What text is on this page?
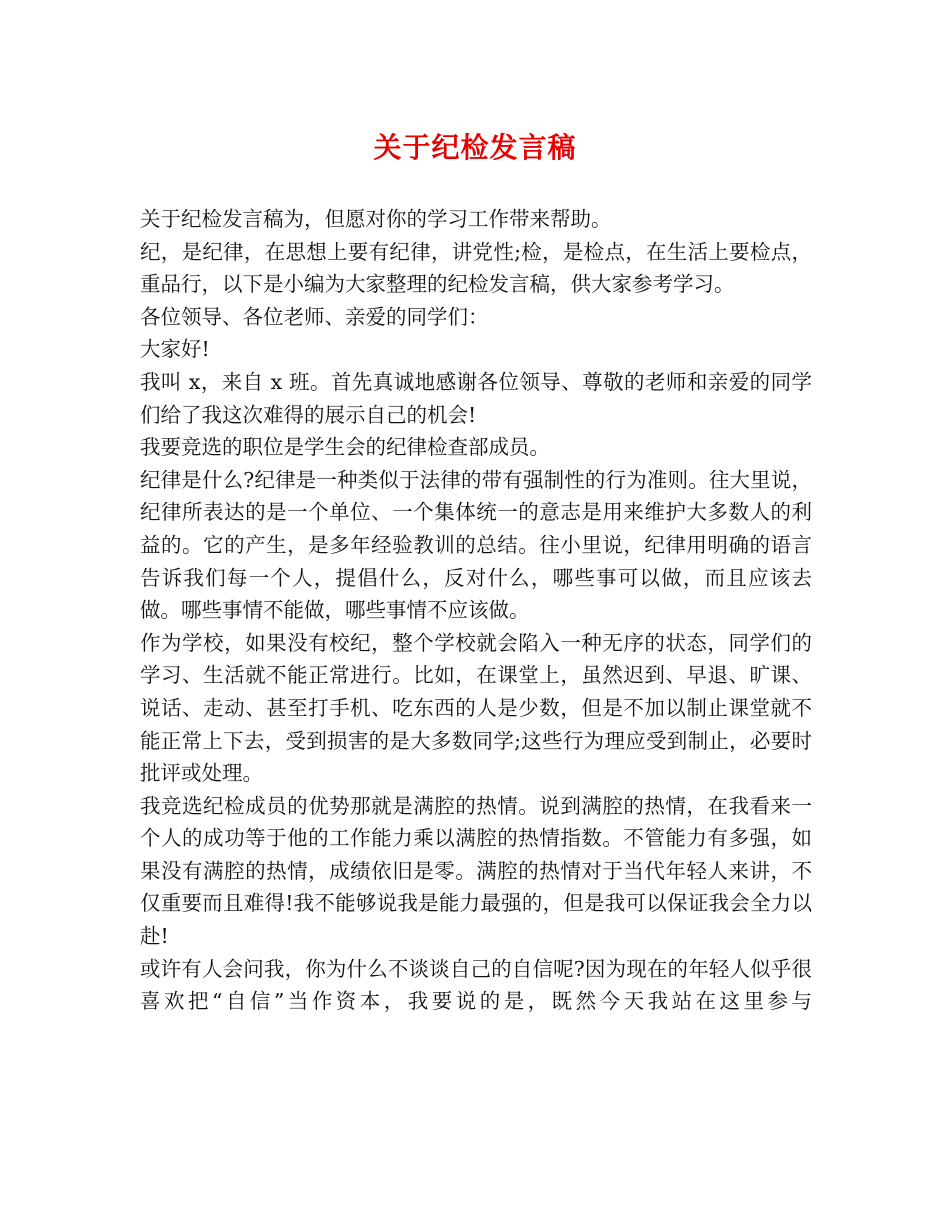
关于纪检发言稿

关于纪检发言稿为，但愿对你的学习工作带来帮助。

纪，是纪律，在思想上要有纪律，讲党性;检，是检点，在生活上要检点，重品行，以下是小编为大家整理的纪检发言稿，供大家参考学习。

各位领导、各位老师、亲爱的同学们：

大家好!

我叫 x，来自 x 班。首先真诚地感谢各位领导、尊敬的老师和亲爱的同学们给了我这次难得的展示自己的机会!

我要竞选的职位是学生会的纪律检查部成员。

纪律是什么?纪律是一种类似于法律的带有强制性的行为准则。往大里说，纪律所表达的是一个单位、一个集体统一的意志是用来维护大多数人的利益的。它的产生，是多年经验教训的总结。往小里说，纪律用明确的语言告诉我们每一个人，提倡什么，反对什么，哪些事可以做，而且应该去做。哪些事情不能做，哪些事情不应该做。

作为学校，如果没有校纪，整个学校就会陷入一种无序的状态，同学们的学习、生活就不能正常进行。比如，在课堂上，虽然迟到、早退、旷课、说话、走动、甚至打手机、吃东西的人是少数，但是不加以制止课堂就不能正常上下去，受到损害的是大多数同学;这些行为理应受到制止，必要时批评或处理。

我竞选纪检成员的优势那就是满腔的热情。说到满腔的热情，在我看来一个人的成功等于他的工作能力乘以满腔的热情指数。不管能力有多强，如果没有满腔的热情，成绩依旧是零。满腔的热情对于当代年轻人来讲，不仅重要而且难得!我不能够说我是能力最强的，但是我可以保证我会全力以赴!

或许有人会问我，你为什么不谈谈自己的自信呢?因为现在的年轻人似乎很喜欢把“自信”当作资本，我要说的是，既然今天我站在这里参与
